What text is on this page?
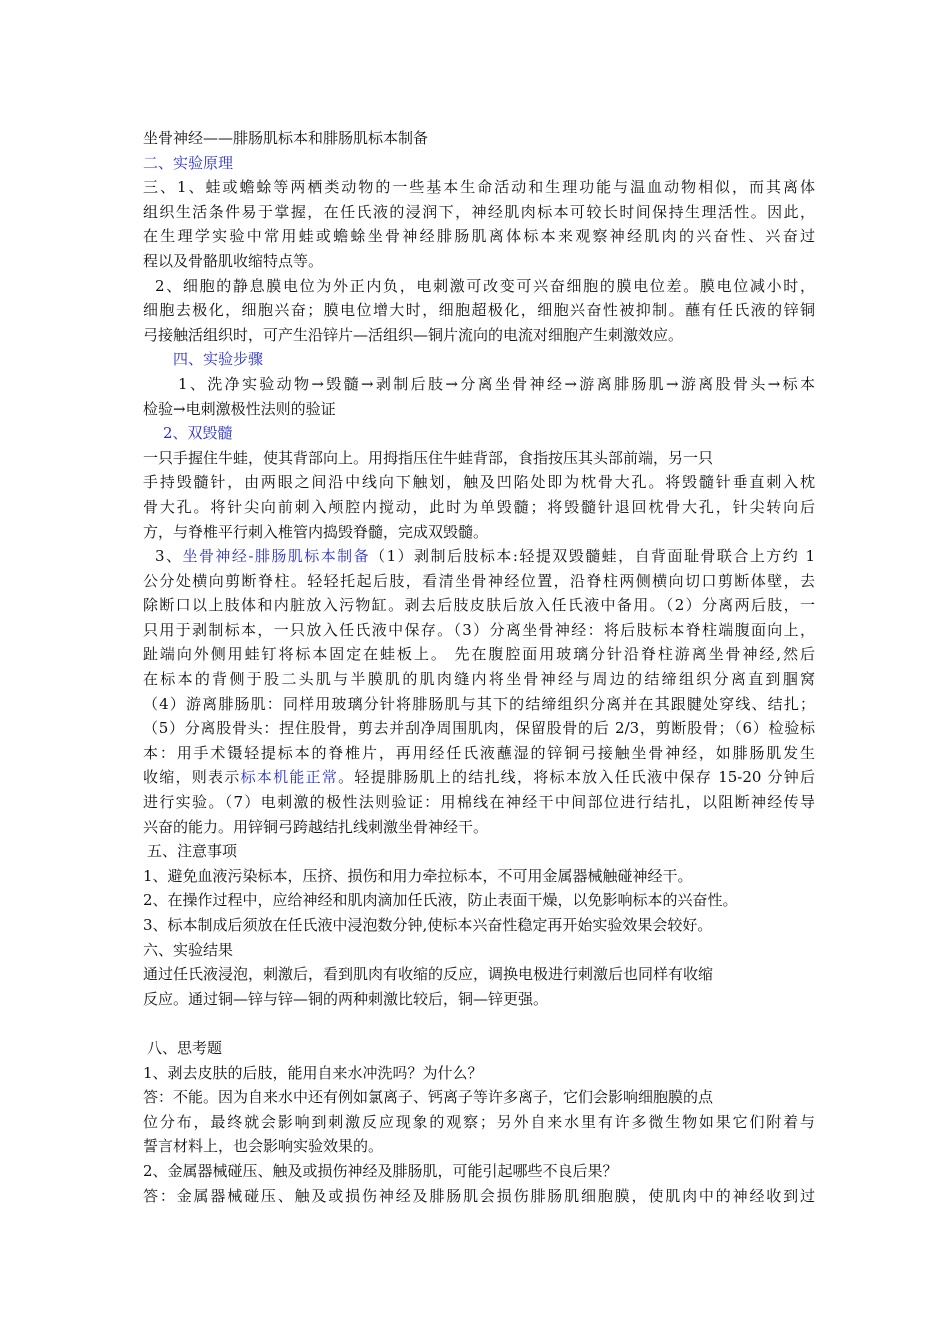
坐骨神经——腓肠肌标本和腓肠肌标本制备

二、实验原理

三、1、蛙或蟾蜍等两栖类动物的一些基本生命活动和生理功能与温血动物相似，而其离体

组织生活条件易于掌握，在任氏液的浸润下，神经肌肉标本可较长时间保持生理活性。因此，

在生理学实验中常用蛙或蟾蜍坐骨神经腓肠肌离体标本来观察神经肌肉的兴奋性、兴奋过

程以及骨骼肌收缩特点等。

2、细胞的静息膜电位为外正内负，电刺激可改变可兴奋细胞的膜电位差。膜电位减小时，

细胞去极化，细胞兴奋；膜电位增大时，细胞超极化，细胞兴奋性被抑制。蘸有任氏液的锌铜

弓接触活组织时，可产生沿锌片—活组织—铜片流向的电流对细胞产生刺激效应。

四、实验步骤

1、洗净实验动物→毁髓→剥制后肢→分离坐骨神经→游离腓肠肌→游离股骨头→标本

检验→电刺激极性法则的验证

2、双毁髓

一只手握住牛蛙，使其背部向上。用拇指压住牛蛙背部，食指按压其头部前端，另一只

手持毁髓针，由两眼之间沿中线向下触划，触及凹陷处即为枕骨大孔。将毁髓针垂直刺入枕

骨大孔。将针尖向前刺入颅腔内搅动，此时为单毁髓；将毁髓针退回枕骨大孔，针尖转向后

方，与脊椎平行刺入椎管内捣毁脊髓，完成双毁髓。

3、坐骨神经-腓肠肌标本制备（1）剥制后肢标本:轻提双毁髓蛙，自背面耻骨联合上方约 1

公分处横向剪断脊柱。轻轻托起后肢，看清坐骨神经位置，沿脊柱两侧横向切口剪断体壁，去

除断口以上肢体和内脏放入污物缸。剥去后肢皮肤后放入任氏液中备用。（2）分离两后肢，一

只用于剥制标本，一只放入任氏液中保存。（3）分离坐骨神经：将后肢标本脊柱端腹面向上，

趾端向外侧用蛙钉将标本固定在蛙板上。 先在腹腔面用玻璃分针沿脊柱游离坐骨神经,然后

在标本的背侧于股二头肌与半膜肌的肌肉缝内将坐骨神经与周边的结缔组织分离直到腘窝

（4）游离腓肠肌：同样用玻璃分针将腓肠肌与其下的结缔组织分离并在其跟腱处穿线、结扎；

（5）分离股骨头：捏住股骨，剪去并刮净周围肌肉，保留股骨的后 2/3，剪断股骨；（6）检验标

本：用手术镊轻提标本的脊椎片，再用经任氏液蘸湿的锌铜弓接触坐骨神经，如腓肠肌发生

收缩，则表示标本机能正常。轻提腓肠肌上的结扎线，将标本放入任氏液中保存 15-20 分钟后

进行实验。（7）电刺激的极性法则验证：用棉线在神经干中间部位进行结扎，以阻断神经传导

兴奋的能力。用锌铜弓跨越结扎线刺激坐骨神经干。

五、注意事项

1、避免血液污染标本，压挤、损伤和用力牵拉标本，不可用金属器械触碰神经干。

2、在操作过程中，应给神经和肌肉滴加任氏液，防止表面干燥，以免影响标本的兴奋性。

3、标本制成后须放在任氏液中浸泡数分钟,使标本兴奋性稳定再开始实验效果会较好。

六、实验结果

通过任氏液浸泡，刺激后，看到肌肉有收缩的反应，调换电极进行刺激后也同样有收缩

反应。通过铜—锌与锌—铜的两种刺激比较后，铜—锌更强。

八、思考题

1、剥去皮肤的后肢，能用自来水冲洗吗？为什么？

答：不能。因为自来水中还有例如氯离子、钙离子等许多离子，它们会影响细胞膜的点

位分布，最终就会影响到刺激反应现象的观察；另外自来水里有许多微生物如果它们附着与

誓言材料上，也会影响实验效果的。

2、金属器械碰压、触及或损伤神经及腓肠肌，可能引起哪些不良后果？

答：金属器械碰压、触及或损伤神经及腓肠肌会损伤腓肠肌细胞膜，使肌肉中的神经收到过
